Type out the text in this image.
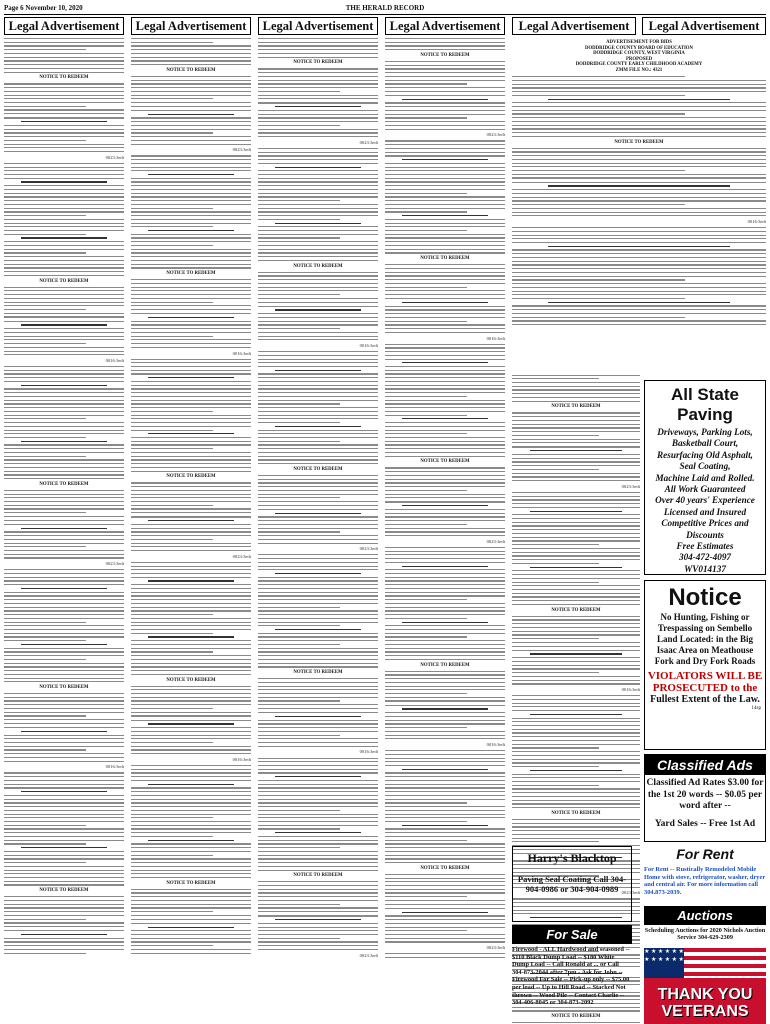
Page 6 November 10, 2020	THE HERALD RECORD
Legal Advertisement
NOTICE TO REDEEM
0023:3edt
NOTICE TO REDEEM
0016:3edt
NOTICE TO REDEEM
0023:3edt
NOTICE TO REDEEM
0016:3edt
NOTICE TO REDEEM
Legal Advertisement
NOTICE TO REDEEM
0023:3edt
NOTICE TO REDEEM
0016:3edt
NOTICE TO REDEEM
0023:3edt
NOTICE TO REDEEM
0016:3edt
NOTICE TO REDEEM
Legal Advertisement
NOTICE TO REDEEM
0023:3edt
NOTICE TO REDEEM
0016:3edt
NOTICE TO REDEEM
0023:3edt
NOTICE TO REDEEM
0016:3edt
NOTICE TO REDEEM
0023:3edt
Legal Advertisement
NOTICE TO REDEEM
0023:3edt
NOTICE TO REDEEM
0016:3edt
NOTICE TO REDEEM
0023:3edt
NOTICE TO REDEEM
0016:3edt
NOTICE TO REDEEM
0023:3edt
Legal Advertisement	Legal Advertisement
ADVERTISEMENT FOR BIDS
DODDRIDGE COUNTY BOARD OF EDUCATION
DODDRIDGE COUNTY, WEST VIRGINIA
PROPOSED
DODDRIDGE COUNTY EARLY CHILDHOOD ACADEMY
ZMM FILE NO.: 4321
NOTICE TO REDEEM
0016:3edt
NOTICE TO REDEEM
0023:3edt
NOTICE TO REDEEM
0016:3edt
NOTICE TO REDEEM
0023:3edt
NOTICE TO REDEEM
All State Paving
Driveways, Parking Lots,
Basketball Court,
Resurfacing Old Asphalt,
Seal Coating,
Machine Laid and Rolled.
All Work Guaranteed
Over 40 years' Experience
Licensed and Insured
Competitive Prices and
Discounts
Free Estimates
304-472-4097
WV014137
Notice
No Hunting, Fishing or Trespassing on Sembello Land Located: in the Big Isaac Area on Meathouse Fork and Dry Fork Roads
VIOLATORS WILL BE PROSECUTED to the
Fullest Extent of the Law.
14sp
Classified Ads
Classified Ad Rates $3.00 for the 1st 20 words -- $0.05 per word after --
Yard Sales -- Free 1st Ad
Harry's Blacktop
Paving Seal Coating Call 304-904-0986 or 304-904-0989
For Sale
Firewood - ALL Hardwood and seasoned -- $110 Black Dump Load -- $180 White Dump Load -- Call Ronald at ... or Call 304-873-2044 after 7pm - Ask for John -- Firewood For Sale -- Pick-up only -- $75.00 per load -- Up to Hill Road -- Stacked Not thrown -- Wood Pile -- Contact Charlie -- 304-406-8045 or 304-873-2092
For Rent
For Rent -- Rustically Remodeled Mobile Home with stove, refrigerator, washer, dryer and central air. For more information call 304.873-2039.
Auctions
Scheduling Auctions for 2020 Nichols Auction Service 304-629-2309
★ ★ ★ ★ ★ ★ ★ ★ ★ ★ ★ ★
THANK YOU VETERANS
